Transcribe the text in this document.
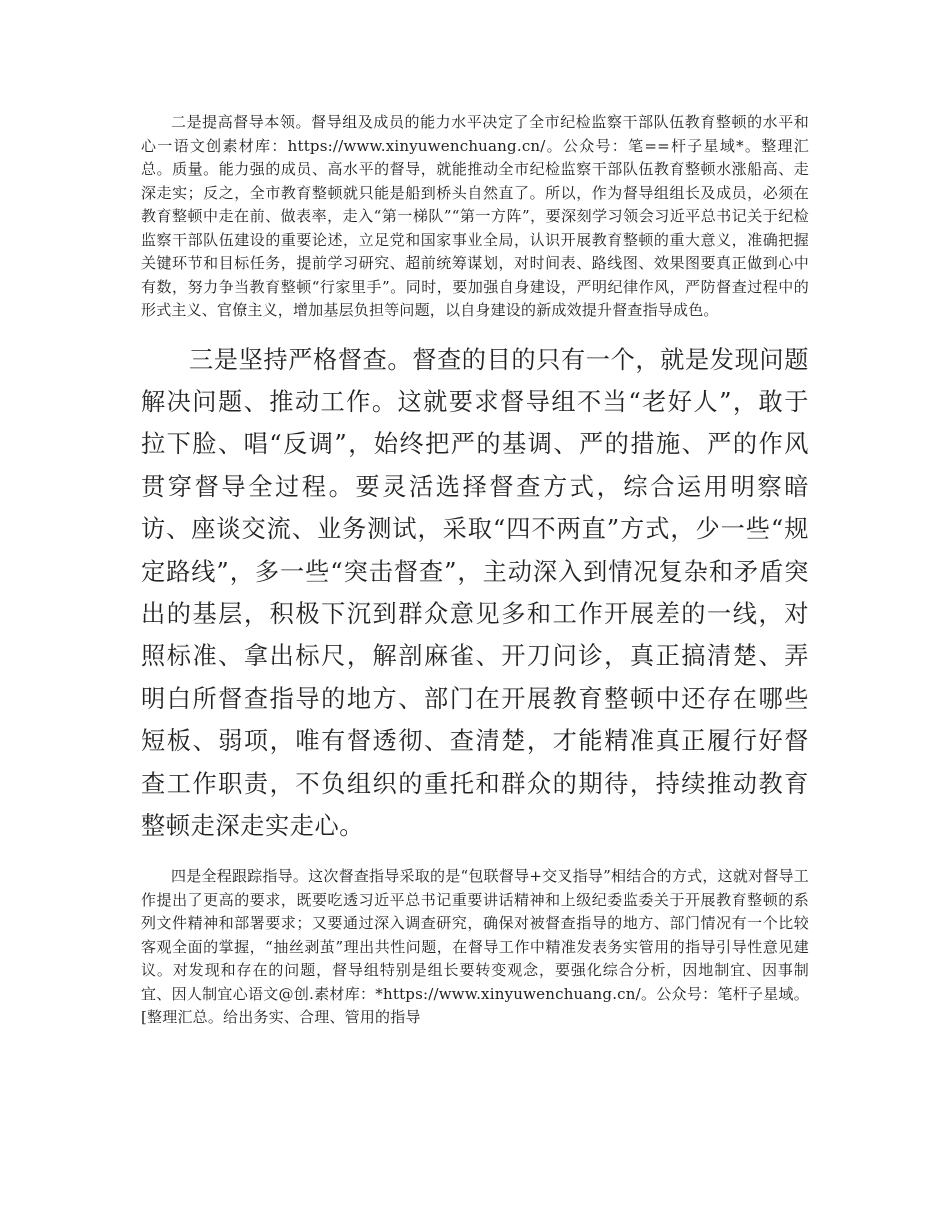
二是提高督导本领。督导组及成员的能力水平决定了全市纪检监察干部队伍教育整顿的水平和心一语文创素材库：https://www.xinyuwenchuang.cn/。公众号：笔==杆子星域*。整理汇总。质量。能力强的成员、高水平的督导，就能推动全市纪检监察干部队伍教育整顿水涨船高、走深走实；反之，全市教育整顿就只能是船到桥头自然直了。所以，作为督导组组长及成员，必须在教育整顿中走在前、做表率，走入“第一梯队”“第一方阵”，要深刻学习领会习近平总书记关于纪检监察干部队伍建设的重要论述，立足党和国家事业全局，认识开展教育整顿的重大意义，准确把握关键环节和目标任务，提前学习研究、超前统筹谋划，对时间表、路线图、效果图要真正做到心中有数，努力争当教育整顿“行家里手”。同时，要加强自身建设，严明纪律作风，严防督查过程中的形式主义、官僚主义，增加基层负担等问题，以自身建设的新成效提升督查指导成色。

三是坚持严格督查。督查的目的只有一个，就是发现问题解决问题、推动工作。这就要求督导组不当“老好人”，敢于拉下脸、唱“反调”，始终把严的基调、严的措施、严的作风贯穿督导全过程。要灵活选择督查方式，综合运用明察暗访、座谈交流、业务测试，采取“四不两直”方式，少一些“规定路线”，多一些“突击督查”，主动深入到情况复杂和矛盾突出的基层，积极下沉到群众意见多和工作开展差的一线，对照标准、拿出标尺，解剖麻雀、开刀问诊，真正搞清楚、弄明白所督查指导的地方、部门在开展教育整顿中还存在哪些短板、弱项，唯有督透彻、查清楚，才能精准真正履行好督查工作职责，不负组织的重托和群众的期待，持续推动教育整顿走深走实走心。

四是全程跟踪指导。这次督查指导采取的是“包联督导+交叉指导”相结合的方式，这就对督导工作提出了更高的要求，既要吃透习近平总书记重要讲话精神和上级纪委监委关于开展教育整顿的系列文件精神和部署要求；又要通过深入调查研究，确保对被督查指导的地方、部门情况有一个比较客观全面的掌握，“抽丝剥茧”理出共性问题，在督导工作中精准发表务实管用的指导引导性意见建议。对发现和存在的问题，督导组特别是组长要转变观念，要强化综合分析，因地制宜、因事制宜、因人制宜心语文@创.素材库：*https://www.xinyuwenchuang.cn/。公众号：笔杆子星域。[整理汇总。给出务实、合理、管用的指导
